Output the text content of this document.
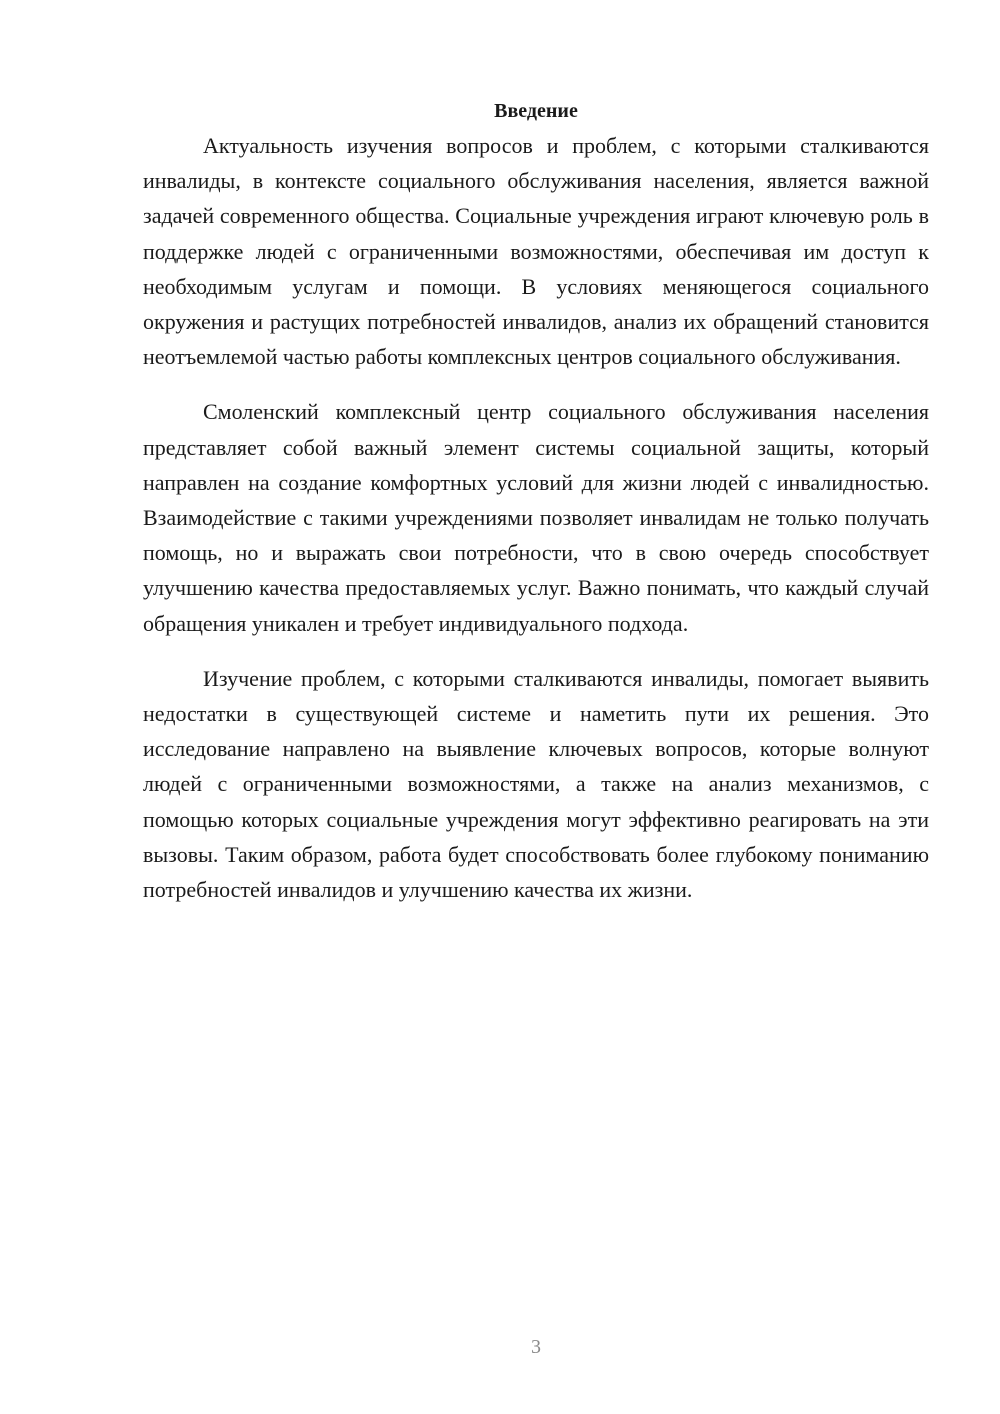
Введение

Актуальность изучения вопросов и проблем, с которыми сталкиваются инвалиды, в контексте социального обслуживания населения, является важной задачей современного общества. Социальные учреждения играют ключевую роль в поддержке людей с ограниченными возможностями, обеспечивая им доступ к необходимым услугам и помощи. В условиях меняющегося социального окружения и растущих потребностей инвалидов, анализ их обращений становится неотъемлемой частью работы комплексных центров социального обслуживания.

Смоленский комплексный центр социального обслуживания населения представляет собой важный элемент системы социальной защиты, который направлен на создание комфортных условий для жизни людей с инвалидностью. Взаимодействие с такими учреждениями позволяет инвалидам не только получать помощь, но и выражать свои потребности, что в свою очередь способствует улучшению качества предоставляемых услуг. Важно понимать, что каждый случай обращения уникален и требует индивидуального подхода.

Изучение проблем, с которыми сталкиваются инвалиды, помогает выявить недостатки в существующей системе и наметить пути их решения. Это исследование направлено на выявление ключевых вопросов, которые волнуют людей с ограниченными возможностями, а также на анализ механизмов, с помощью которых социальные учреждения могут эффективно реагировать на эти вызовы. Таким образом, работа будет способствовать более глубокому пониманию потребностей инвалидов и улучшению качества их жизни.

3
